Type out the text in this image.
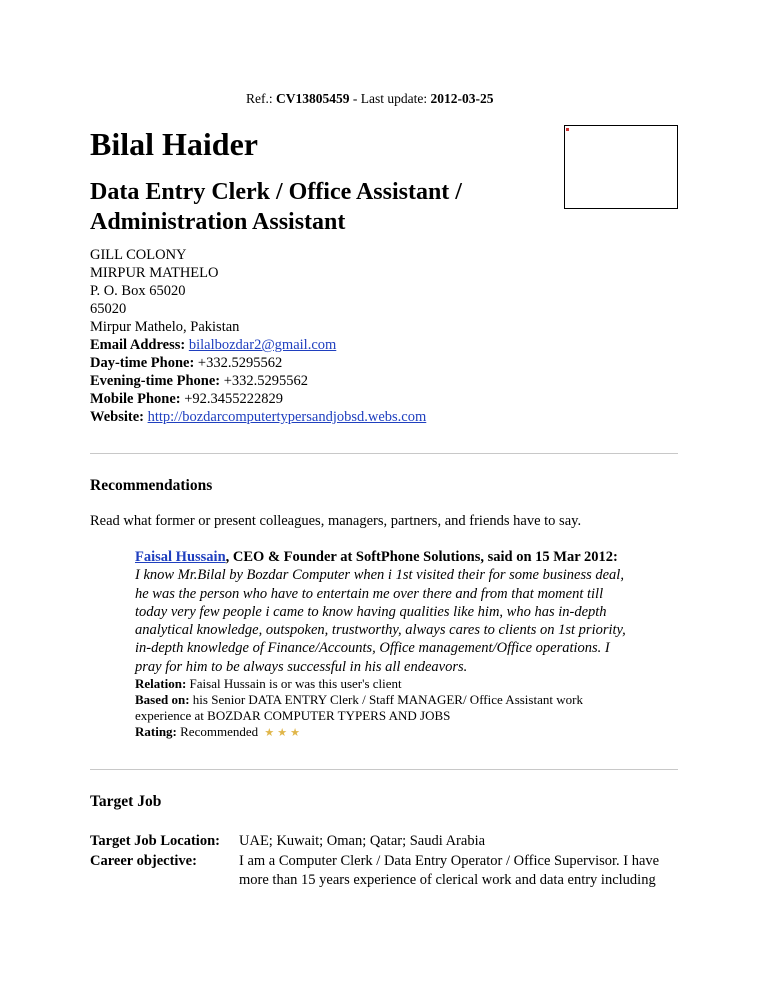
Ref.: CV13805459 - Last update: 2012-03-25
Bilal Haider
Data Entry Clerk / Office Assistant /
Administration Assistant
GILL COLONY
MIRPUR MATHELO
P. O. Box 65020
65020
Mirpur Mathelo, Pakistan
Email Address: bilalbozdar2@gmail.com
Day-time Phone: +332.5295562
Evening-time Phone: +332.5295562
Mobile Phone: +92.3455222829
Website: http://bozdarcomputertypersandjobsd.webs.com
Recommendations
Read what former or present colleagues, managers, partners, and friends have to say.
Faisal Hussain, CEO & Founder at SoftPhone Solutions, said on 15 Mar 2012:
I know Mr.Bilal by Bozdar Computer when i 1st visited their for some business deal, he was the person who have to entertain me over there and from that moment till today very few people i came to know having qualities like him, who has in-depth analytical knowledge, outspoken, trustworthy, always cares to clients on 1st priority, in-depth knowledge of Finance/Accounts, Office management/Office operations. I pray for him to be always successful in his all endeavors.
Relation: Faisal Hussain is or was this user's client
Based on: his Senior DATA ENTRY Clerk / Staff MANAGER/ Office Assistant work experience at BOZDAR COMPUTER TYPERS AND JOBS
Rating: Recommended ★ ★ ★
Target Job
Target Job Location: UAE; Kuwait; Oman; Qatar; Saudi Arabia
Career objective:	I am a Computer Clerk / Data Entry Operator / Office Supervisor. I have more than 15 years experience of clerical work and data entry including
